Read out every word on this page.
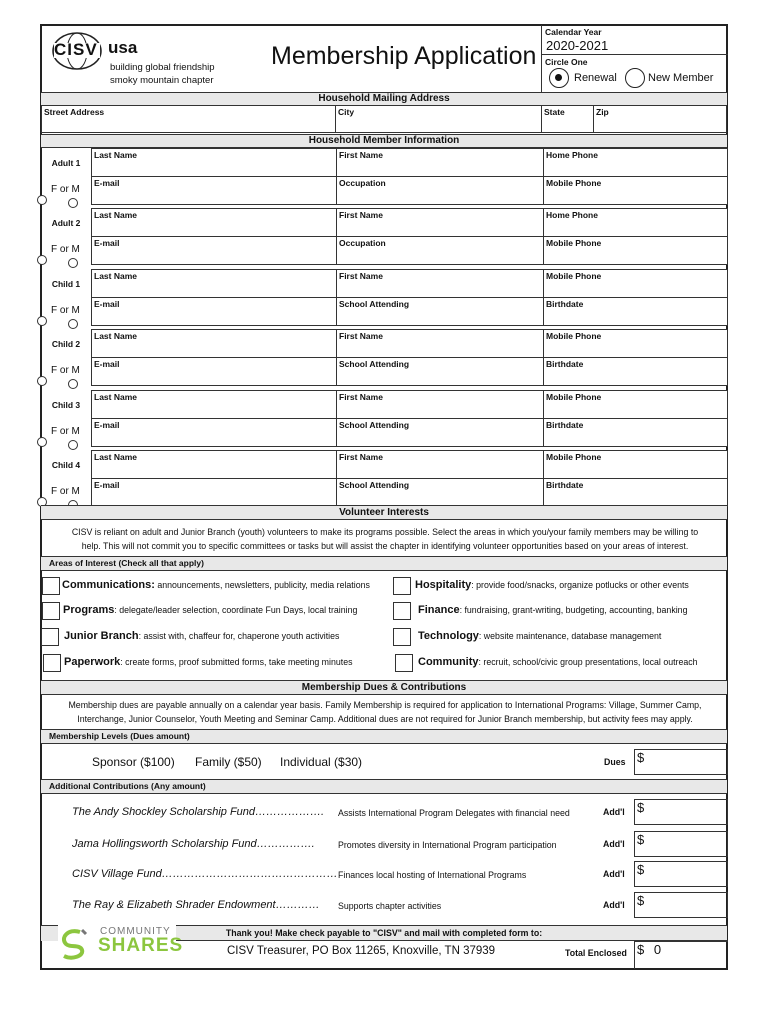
CISV usa
building global friendship
smoky mountain chapter
Membership Application
Calendar Year
2020-2021
Circle One
Renewal	New Member
Household Mailing Address
Street Address	City	State	Zip
Household Member Information
Adult 1
F or M
Last Name	First Name	Home Phone
E-mail	Occupation	Mobile Phone
Adult 2
F or M
Last Name	First Name	Home Phone
E-mail	Occupation	Mobile Phone
Child 1
F or M
Last Name	First Name	Mobile Phone
E-mail	School Attending	Birthdate
Child 2
F or M
Last Name	First Name	Mobile Phone
E-mail	School Attending	Birthdate
Child 3
F or M
Last Name	First Name	Mobile Phone
E-mail	School Attending	Birthdate
Child 4
F or M
Last Name	First Name	Mobile Phone
E-mail	School Attending	Birthdate
Volunteer Interests
CISV is reliant on adult and Junior Branch (youth) volunteers to make its programs possible. Select the areas in which you/your family members may be willing to
help. This will not commit you to specific committees or tasks but will assist the chapter in identifying volunteer opportunities based on your areas of interest.
Areas of Interest (Check all that apply)
Communications: announcements, newsletters, publicity, media relations	Hospitality: provide food/snacks, organize potlucks or other events
Programs: delegate/leader selection, coordinate Fun Days, local training	Finance: fundraising, grant-writing, budgeting, accounting, banking
Junior Branch: assist with, chaffeur for, chaperone youth activities	Technology: website maintenance, database management
Paperwork: create forms, proof submitted forms, take meeting minutes	Community: recruit, school/civic group presentations, local outreach
Membership Dues & Contributions
Membership dues are payable annually on a calendar year basis. Family Membership is required for application to International Programs: Village, Summer Camp,
Interchange, Junior Counselor, Youth Meeting and Seminar Camp. Additional dues are not required for Junior Branch membership, but activity fees may apply.
Membership Levels (Dues amount)
Sponsor ($100) Family ($50) Individual ($30)	Dues $
Additional Contributions (Any amount)
The Andy Shockley Scholarship Fund………………. Assists International Program Delegates with financial need	Add'l $
Jama Hollingsworth Scholarship Fund…………….	Promotes diversity in International Program participation	Add'l $
CISV Village Fund………………………………………… Finances local hosting of International Programs	Add'l $
The Ray & Elizabeth Shrader Endowment………… Supports chapter activities	Add'l $
Thank you! Make check payable to "CISV" and mail with completed form to:
COMMUNITY
SHARES	CISV Treasurer, PO Box 11265, Knoxville, TN 37939	Total Enclosed $ 0
